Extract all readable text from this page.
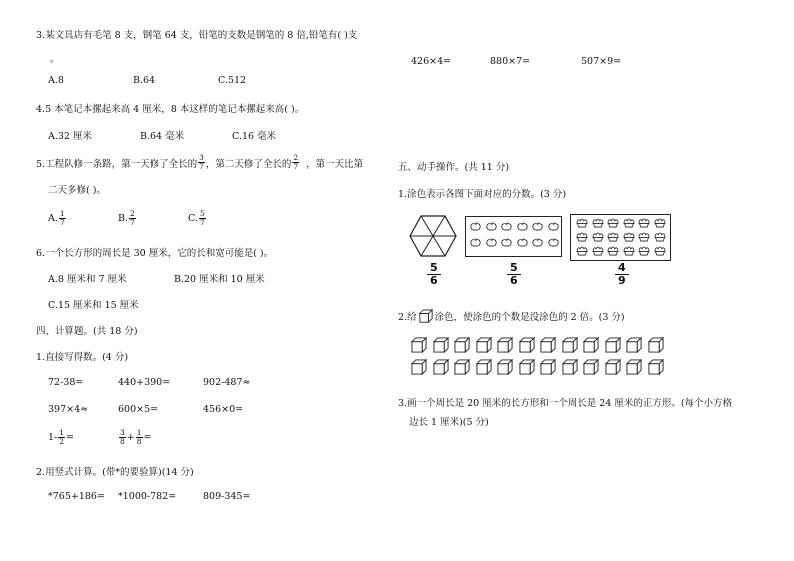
3.某文具店有毛笔 8 支，钢笔 64 支，铅笔的支数是钢笔的 8 倍,铅笔有( )支
。
A.8	B.64	C.512
4.5 本笔记本摞起来高 4 厘米，8 本这样的笔记本摞起来高( )。
A.32 厘米	B.64 毫米	C.16 毫米
5.工程队修一条路，第一天修了全长的 $\frac{3}{7}$ ，第二天修了全长的 $\frac{2}{7}$ ，第一天比第
二天多修( )。
A. $\frac{1}{7}$	B. $\frac{2}{7}$	C. $\frac{5}{7}$
6.一个长方形的周长是 30 厘米，它的长和宽可能是( )。
A.8 厘米和 7 厘米	B.20 厘米和 10 厘米
C.15 厘米和 15 厘米
四、计算题。(共 18 分)
1.直接写得数。(4 分)
72-38=	440+390=	902-487≈
397×4≈	600×5=	456×0=
$1- \frac{1}{2}$ =	$\frac{3}{8} + \frac{1}{8}$ =
2.用竖式计算。(带*的要验算)(14 分)
*765+186= *1000-782=	809-345=
426×4=	880×7=	507×9=
五、动手操作。(共 11 分)
1.涂色表示各图下面对应的分数。(3 分)
$\frac{5}{6}$	$\frac{5}{6}$	$\frac{4}{9}$
2.给 涂色，使涂色的个数是没涂色的 2 倍。(3 分)
3.画一个周长是 20 厘米的长方形和一个周长是 24 厘米的正方形。(每个小方格
边长 1 厘米)(5 分)
